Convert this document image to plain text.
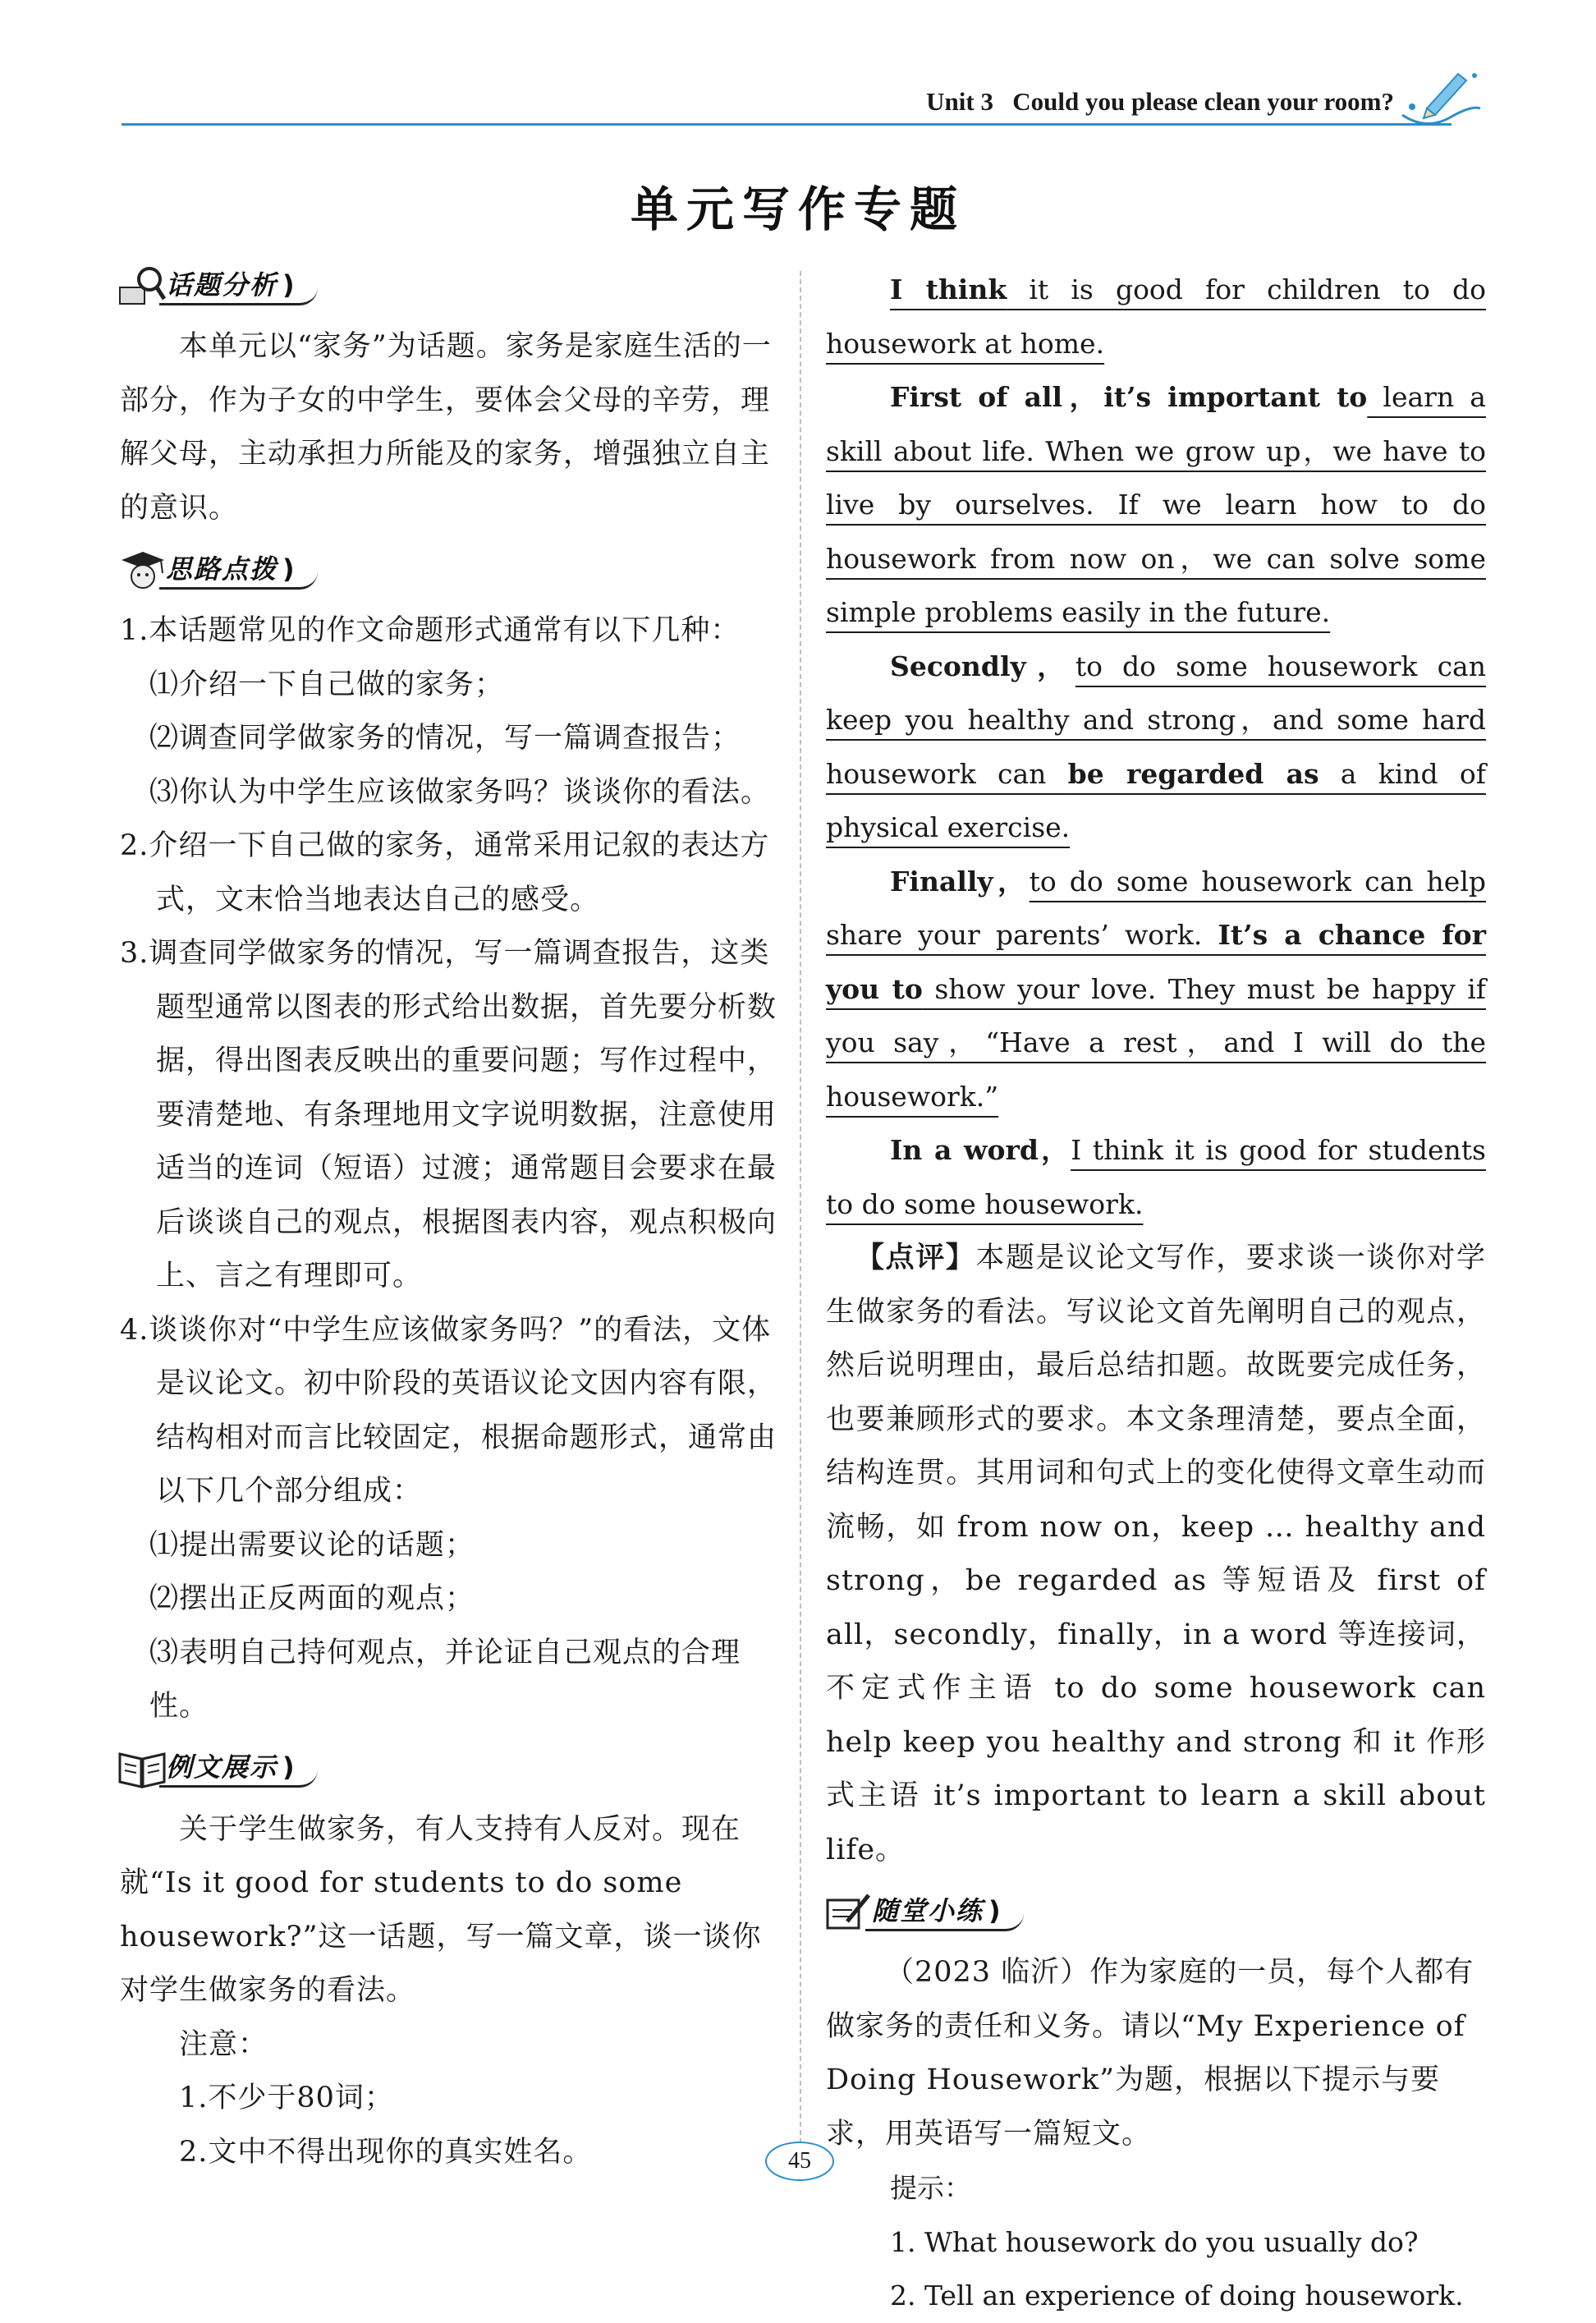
Unit 3 Could you please clean your room?
单元写作专题
话题分析 )

本单元以“家务”为话题。家务是家庭生活的一部分，作为子女的中学生，要体会父母的辛劳，理解父母，主动承担力所能及的家务，增强独立自主的意识。

思路点拨 )

1.本话题常见的作文命题形式通常有以下几种：

⑴介绍一下自己做的家务；

⑵调查同学做家务的情况，写一篇调查报告；

⑶你认为中学生应该做家务吗？谈谈你的看法。

2.介绍一下自己做的家务，通常采用记叙的表达方式，文末恰当地表达自己的感受。

3.调查同学做家务的情况，写一篇调查报告，这类题型通常以图表的形式给出数据，首先要分析数据，得出图表反映出的重要问题；写作过程中，要清楚地、有条理地用文字说明数据，注意使用适当的连词（短语）过渡；通常题目会要求在最后谈谈自己的观点，根据图表内容，观点积极向上、言之有理即可。

4.谈谈你对“中学生应该做家务吗？”的看法，文体是议论文。初中阶段的英语议论文因内容有限，结构相对而言比较固定，根据命题形式，通常由以下几个部分组成：

⑴提出需要议论的话题；

⑵摆出正反两面的观点；

⑶表明自己持何观点，并论证自己观点的合理性。

例文展示 )

关于学生做家务，有人支持有人反对。现在就“Is it good for students to do some housework?”这一话题，写一篇文章，谈一谈你对学生做家务的看法。

注意：

1.不少于80词；

2.文中不得出现你的真实姓名。

I think it is good for children to do housework at home.

First of all，it’s important to learn a skill about life. When we grow up，we have to live by ourselves. If we learn how to do housework from now on，we can solve some simple problems easily in the future.

Secondly，to do some housework can keep you healthy and strong，and some hard housework can be regarded as a kind of physical exercise.

Finally，to do some housework can help share your parents’ work. It’s a chance for you to show your love. They must be happy if you say，“Have a rest，and I will do the housework.”

In a word，I think it is good for students to do some housework.

【点评】本题是议论文写作，要求谈一谈你对学生做家务的看法。写议论文首先阐明自己的观点，然后说明理由，最后总结扣题。故既要完成任务，也要兼顾形式的要求。本文条理清楚，要点全面，结构连贯。其用词和句式上的变化使得文章生动而流畅，如 from now on，keep … healthy and strong，be regarded as 等短语及 first of all，secondly，finally，in a word 等连接词，不定式作主语 to do some housework can help keep you healthy and strong 和 it 作形式主语 it’s important to learn a skill about life。

随堂小练 )

（2023 临沂）作为家庭的一员，每个人都有做家务的责任和义务。请以“My Experience of Doing Housework”为题，根据以下提示与要求，用英语写一篇短文。

提示：

1. What housework do you usually do?

2. Tell an experience of doing housework.

45
